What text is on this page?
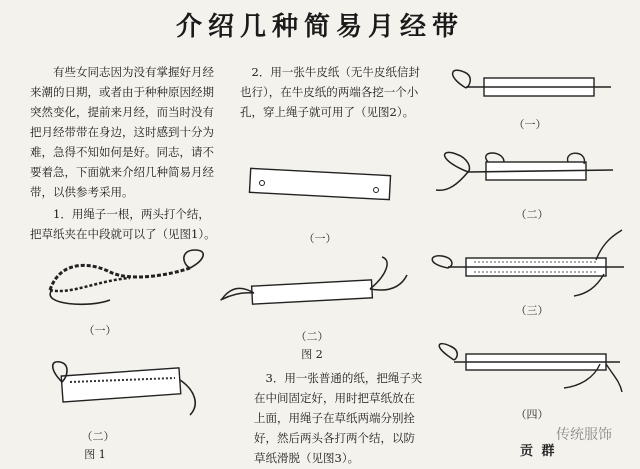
介绍几种简易月经带
有些女同志因为没有掌握好月经来潮的日期，或者由于种种原因经期突然变化，提前来月经，而当时没有把月经带带在身边，这时感到十分为难，急得不知如何是好。同志，请不要着急，下面就来介绍几种简易月经带，以供参考采用。
1．用绳子一根，两头打个结，把草纸夹在中段就可以了（见图1）。
（一）
（二）
图 1
2．用一张牛皮纸（无牛皮纸信封也行），在牛皮纸的两端各挖一个小孔，穿上绳子就可用了（见图2）。
（一）
（二）
图 2
3．用一张普通的纸，把绳子夹在中间固定好，用时把草纸放在上面，用绳子在草纸两端分别拴好，然后两头各打两个结，以防草纸滑脱（见图3）。
（一）
（二）
（三）
（四）
贡 群
传统服饰
